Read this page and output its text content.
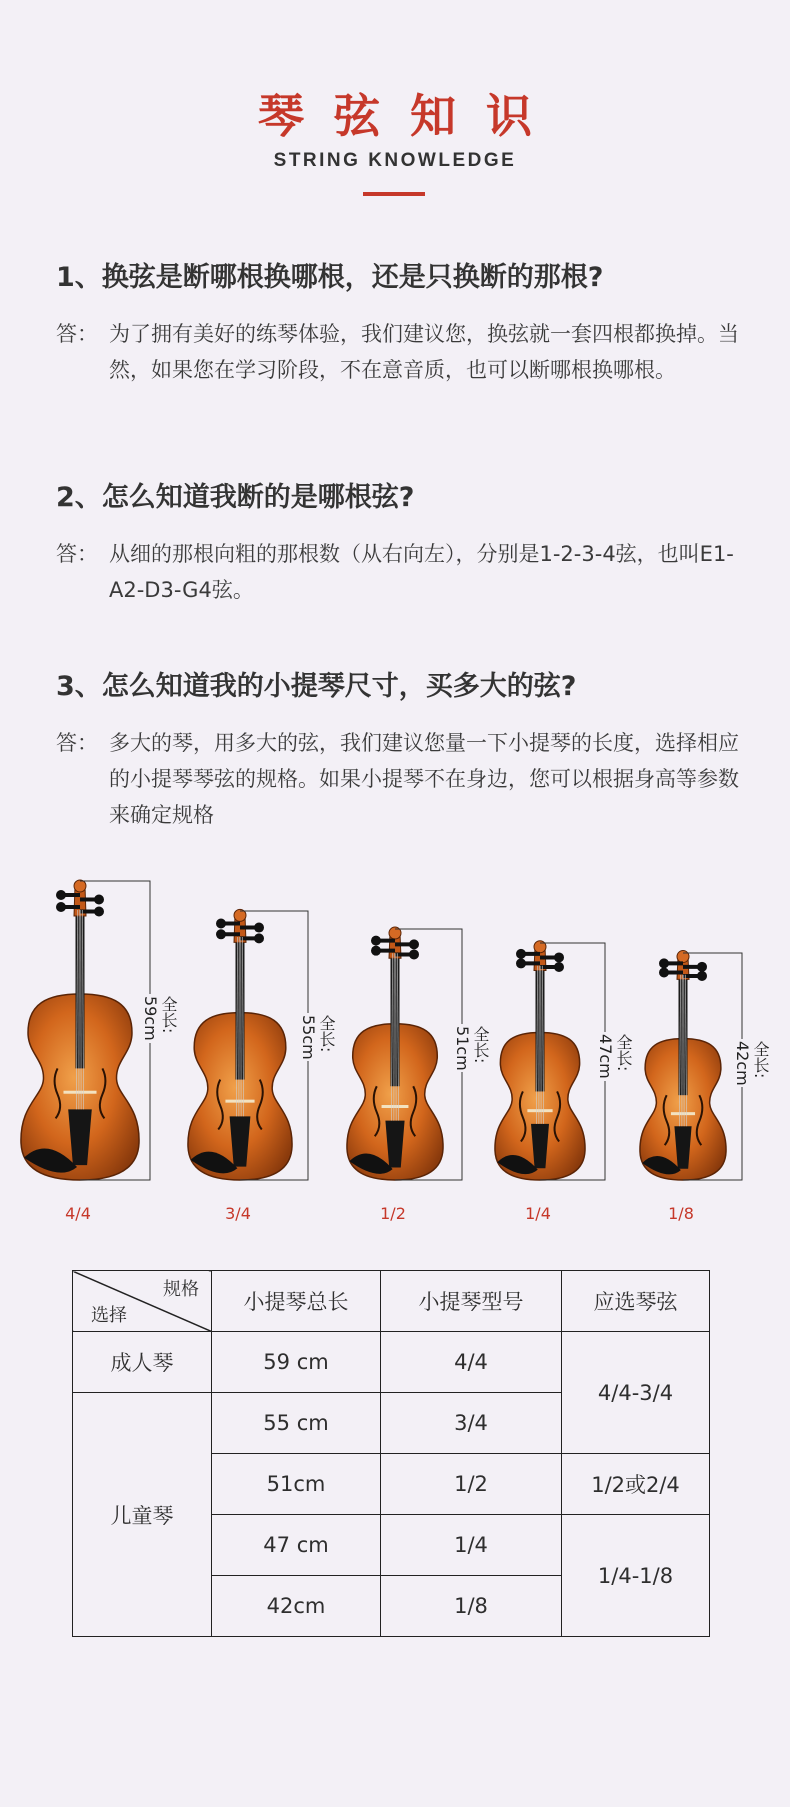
琴弦知识
STRING KNOWLEDGE

1、换弦是断哪根换哪根，还是只换断的那根?

答： 为了拥有美好的练琴体验，我们建议您，换弦就一套四根都换掉。当然，如果您在学习阶段，不在意音质，也可以断哪根换哪根。

2、怎么知道我断的是哪根弦?

答： 从细的那根向粗的那根数（从右向左），分别是1-2-3-4弦，也叫E1-A2-D3-G4弦。

3、怎么知道我的小提琴尺寸，买多大的弦?

答： 多大的琴，用多大的弦，我们建议您量一下小提琴的长度，选择相应的小提琴琴弦的规格。如果小提琴不在身边，您可以根据身高等参数来确定规格
全长: 59cm
4/4
全长: 55cm
3/4
全长: 51cm
1/2
全长: 47cm
1/4
全长: 42cm
1/8
规格
选择	小提琴总长	小提琴型号	应选琴弦
成人琴	59 cm	4/4	4/4-3/4
儿童琴	55 cm	3/4	
	51cm	1/2	1/2或2/4
	47 cm	1/4	1/4-1/8
	42cm	1/8	
